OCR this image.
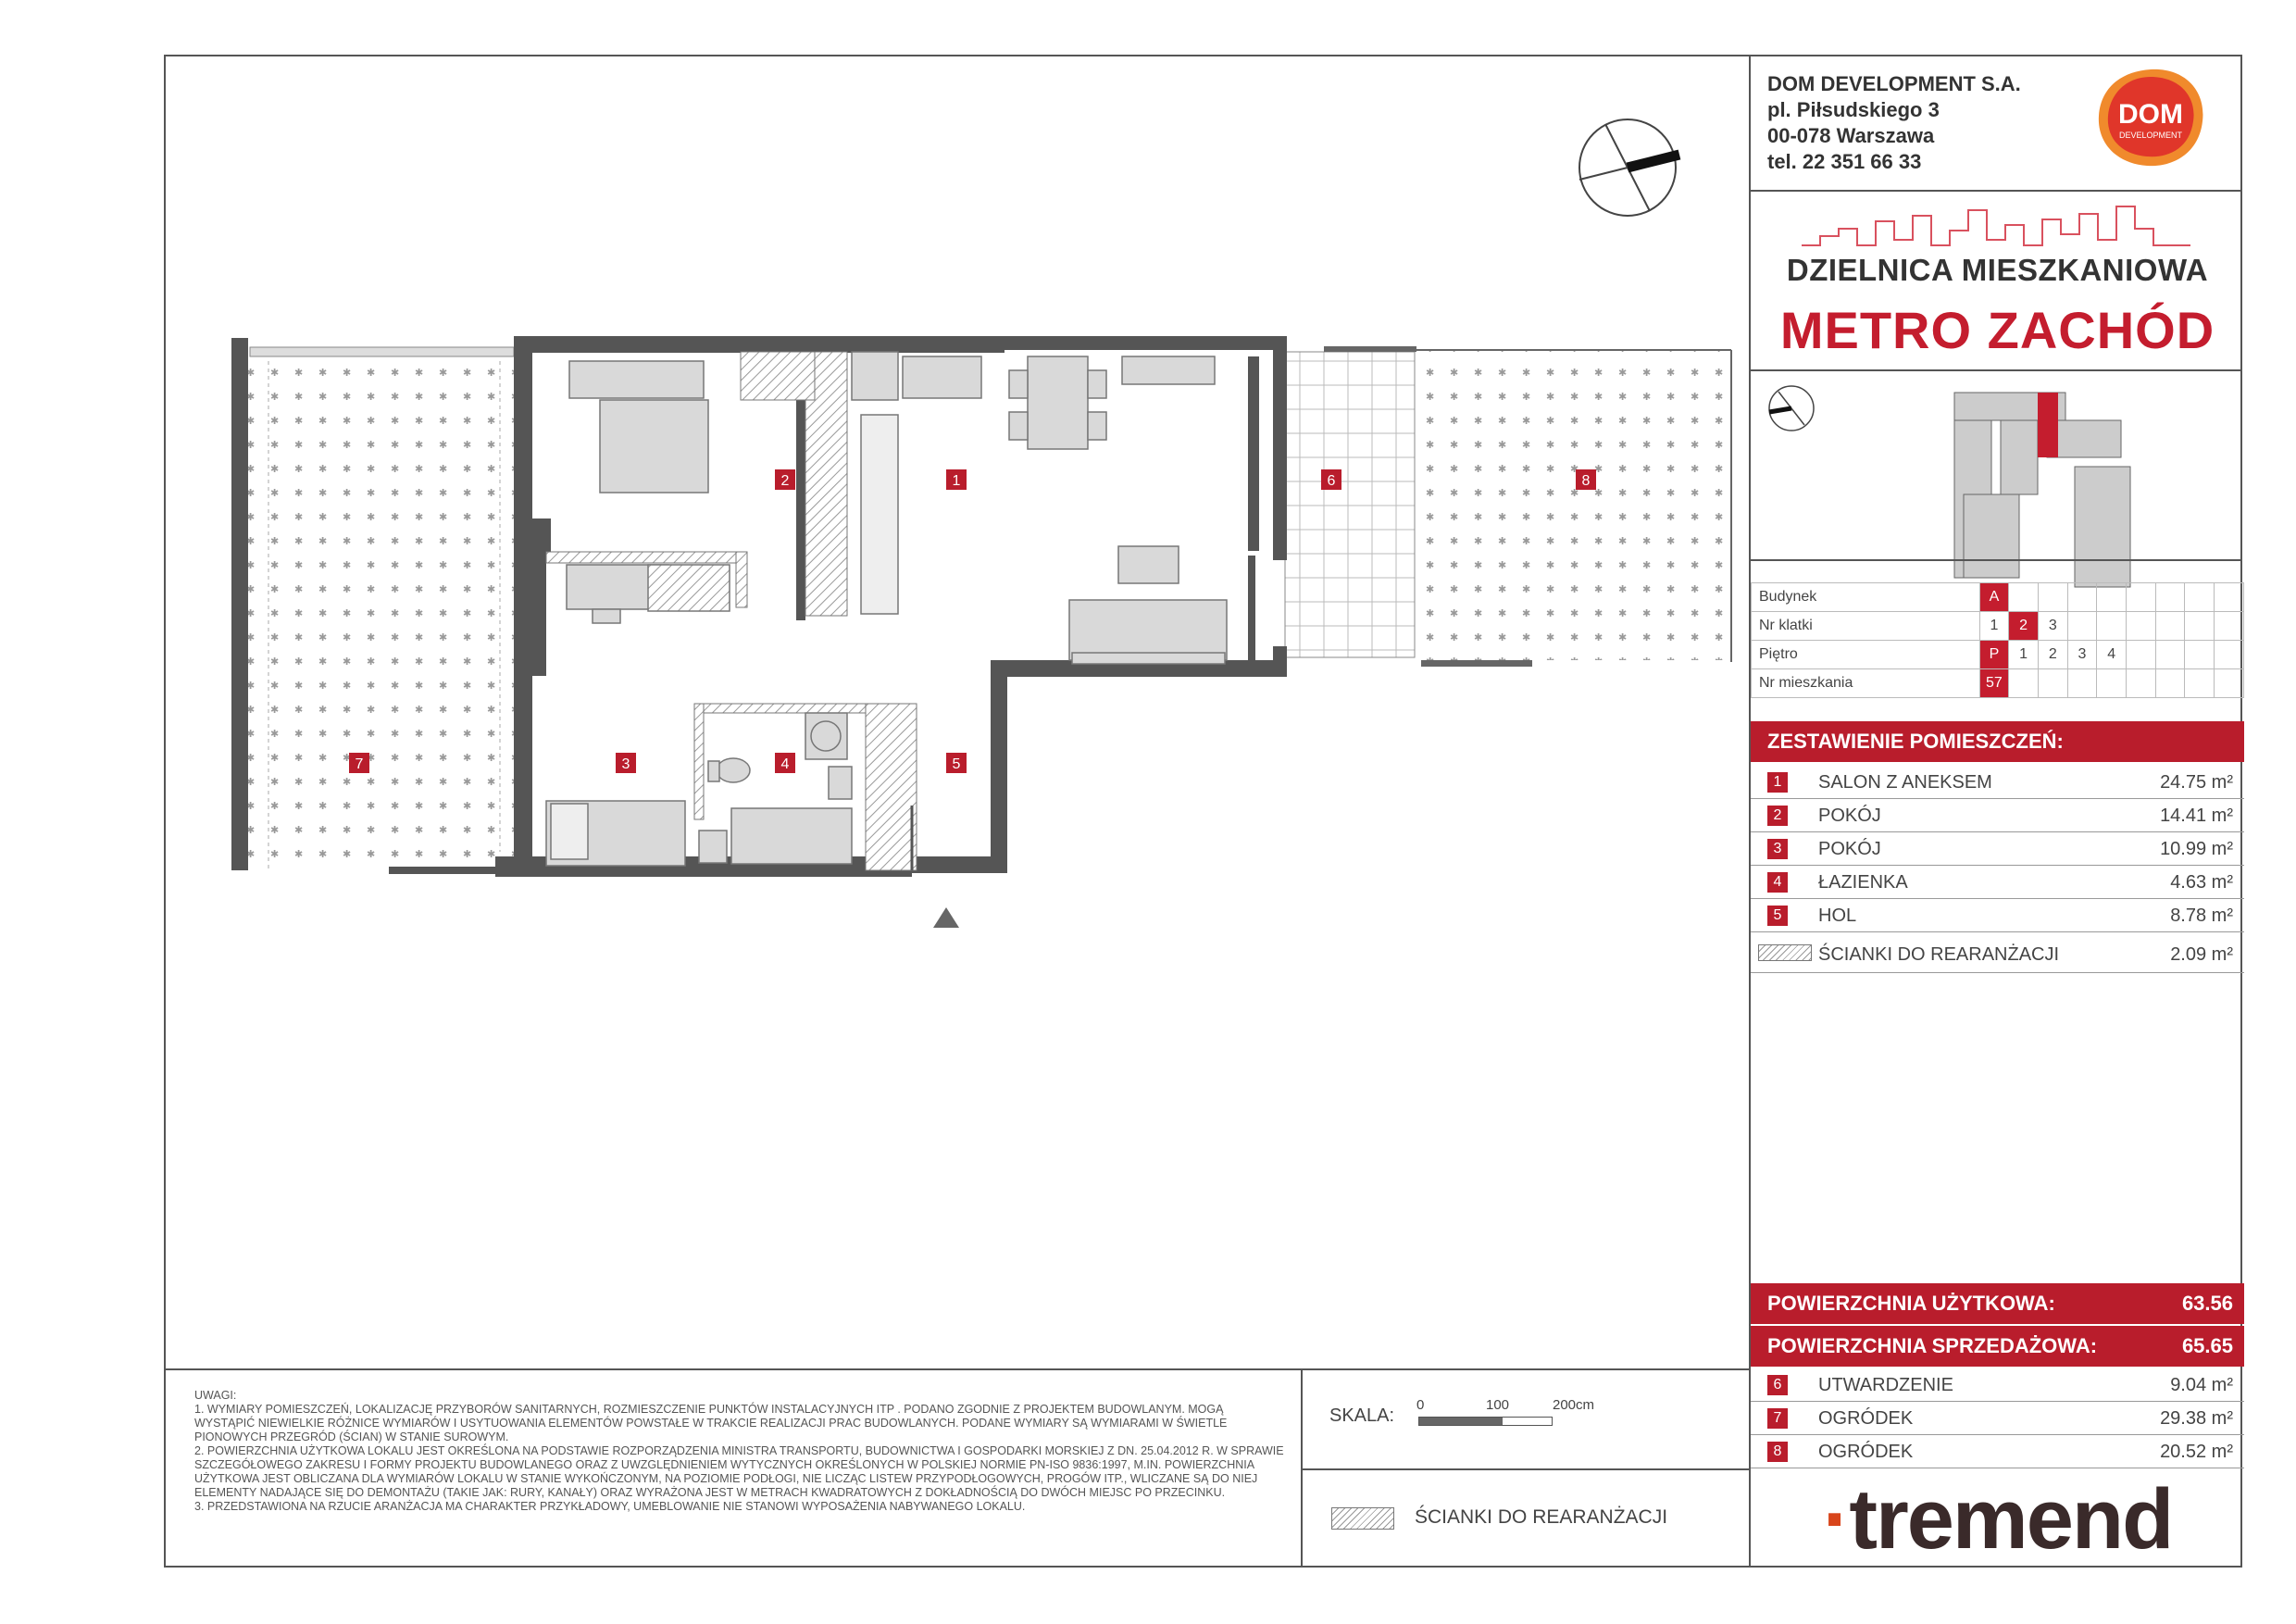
1
2
3	4	5
6
7
8
DOM DEVELOPMENT S.A.
pl. Piłsudskiego 3
00-078 Warszawa
tel. 22 351 66 33
DOM
DEVELOPMENT
DZIELNICA MIESZKANIOWA
METRO ZACHÓD
Budynek	A								
Nr klatki	1	2	3						
Piętro	P	1	2	3	4				
Nr mieszkania	57								
ZESTAWIENIE POMIESZCZEŃ:
1	SALON Z ANEKSEM	24.75 m²
2	POKÓJ	14.41 m²
3	POKÓJ	10.99 m²
4	ŁAZIENKA	4.63 m²
5	HOL	8.78 m²
ŚCIANKI DO REARANŻACJI	2.09 m²
POWIERZCHNIA UŻYTKOWA:	63.56
POWIERZCHNIA SPRZEDAŻOWA:	65.65
6	UTWARDZENIE	9.04 m²
7	OGRÓDEK	29.38 m²
8	OGRÓDEK	20.52 m²
·tremend

UWAGI:

1. WYMIARY POMIESZCZEŃ, LOKALIZACJĘ PRZYBORÓW SANITARNYCH, ROZMIESZCZENIE PUNKTÓW INSTALACYJNYCH ITP . PODANO ZGODNIE Z PROJEKTEM BUDOWLANYM. MOGĄ WYSTĄPIĆ NIEWIELKIE RÓŻNICE WYMIARÓW I USYTUOWANIA ELEMENTÓW POWSTAŁE W TRAKCIE REALIZACJI PRAC BUDOWLANYCH. PODANE WYMIARY SĄ WYMIARAMI W ŚWIETLE PIONOWYCH PRZEGRÓD (ŚCIAN) W STANIE SUROWYM.

2. POWIERZCHNIA UŻYTKOWA LOKALU JEST OKREŚLONA NA PODSTAWIE ROZPORZĄDZENIA MINISTRA TRANSPORTU, BUDOWNICTWA I GOSPODARKI MORSKIEJ Z DN. 25.04.2012 R. W SPRAWIE SZCZEGÓŁOWEGO ZAKRESU I FORMY PROJEKTU BUDOWLANEGO ORAZ Z UWZGLĘDNIENIEM WYTYCZNYCH OKREŚLONYCH W POLSKIEJ NORMIE PN-ISO 9836:1997, M.IN. POWIERZCHNIA UŻYTKOWA JEST OBLICZANA DLA WYMIARÓW LOKALU W STANIE WYKOŃCZONYM, NA POZIOMIE PODŁOGI, NIE LICZĄC LISTEW PRZYPODŁOGOWYCH, PROGÓW ITP., WLICZANE SĄ DO NIEJ ELEMENTY NADAJĄCE SIĘ DO DEMONTAŻU (TAKIE JAK: RURY, KANAŁY) ORAZ WYRAŻONA JEST W METRACH KWADRATOWYCH Z DOKŁADNOŚCIĄ DO DWÓCH MIEJSC PO PRZECINKU.

3. PRZEDSTAWIONA NA RZUCIE ARANŻACJA MA CHARAKTER PRZYKŁADOWY, UMEBLOWANIE NIE STANOWI WYPOSAŻENIA NABYWANEGO LOKALU.

SKALA:
0	100	200cm
ŚCIANKI DO REARANŻACJI
